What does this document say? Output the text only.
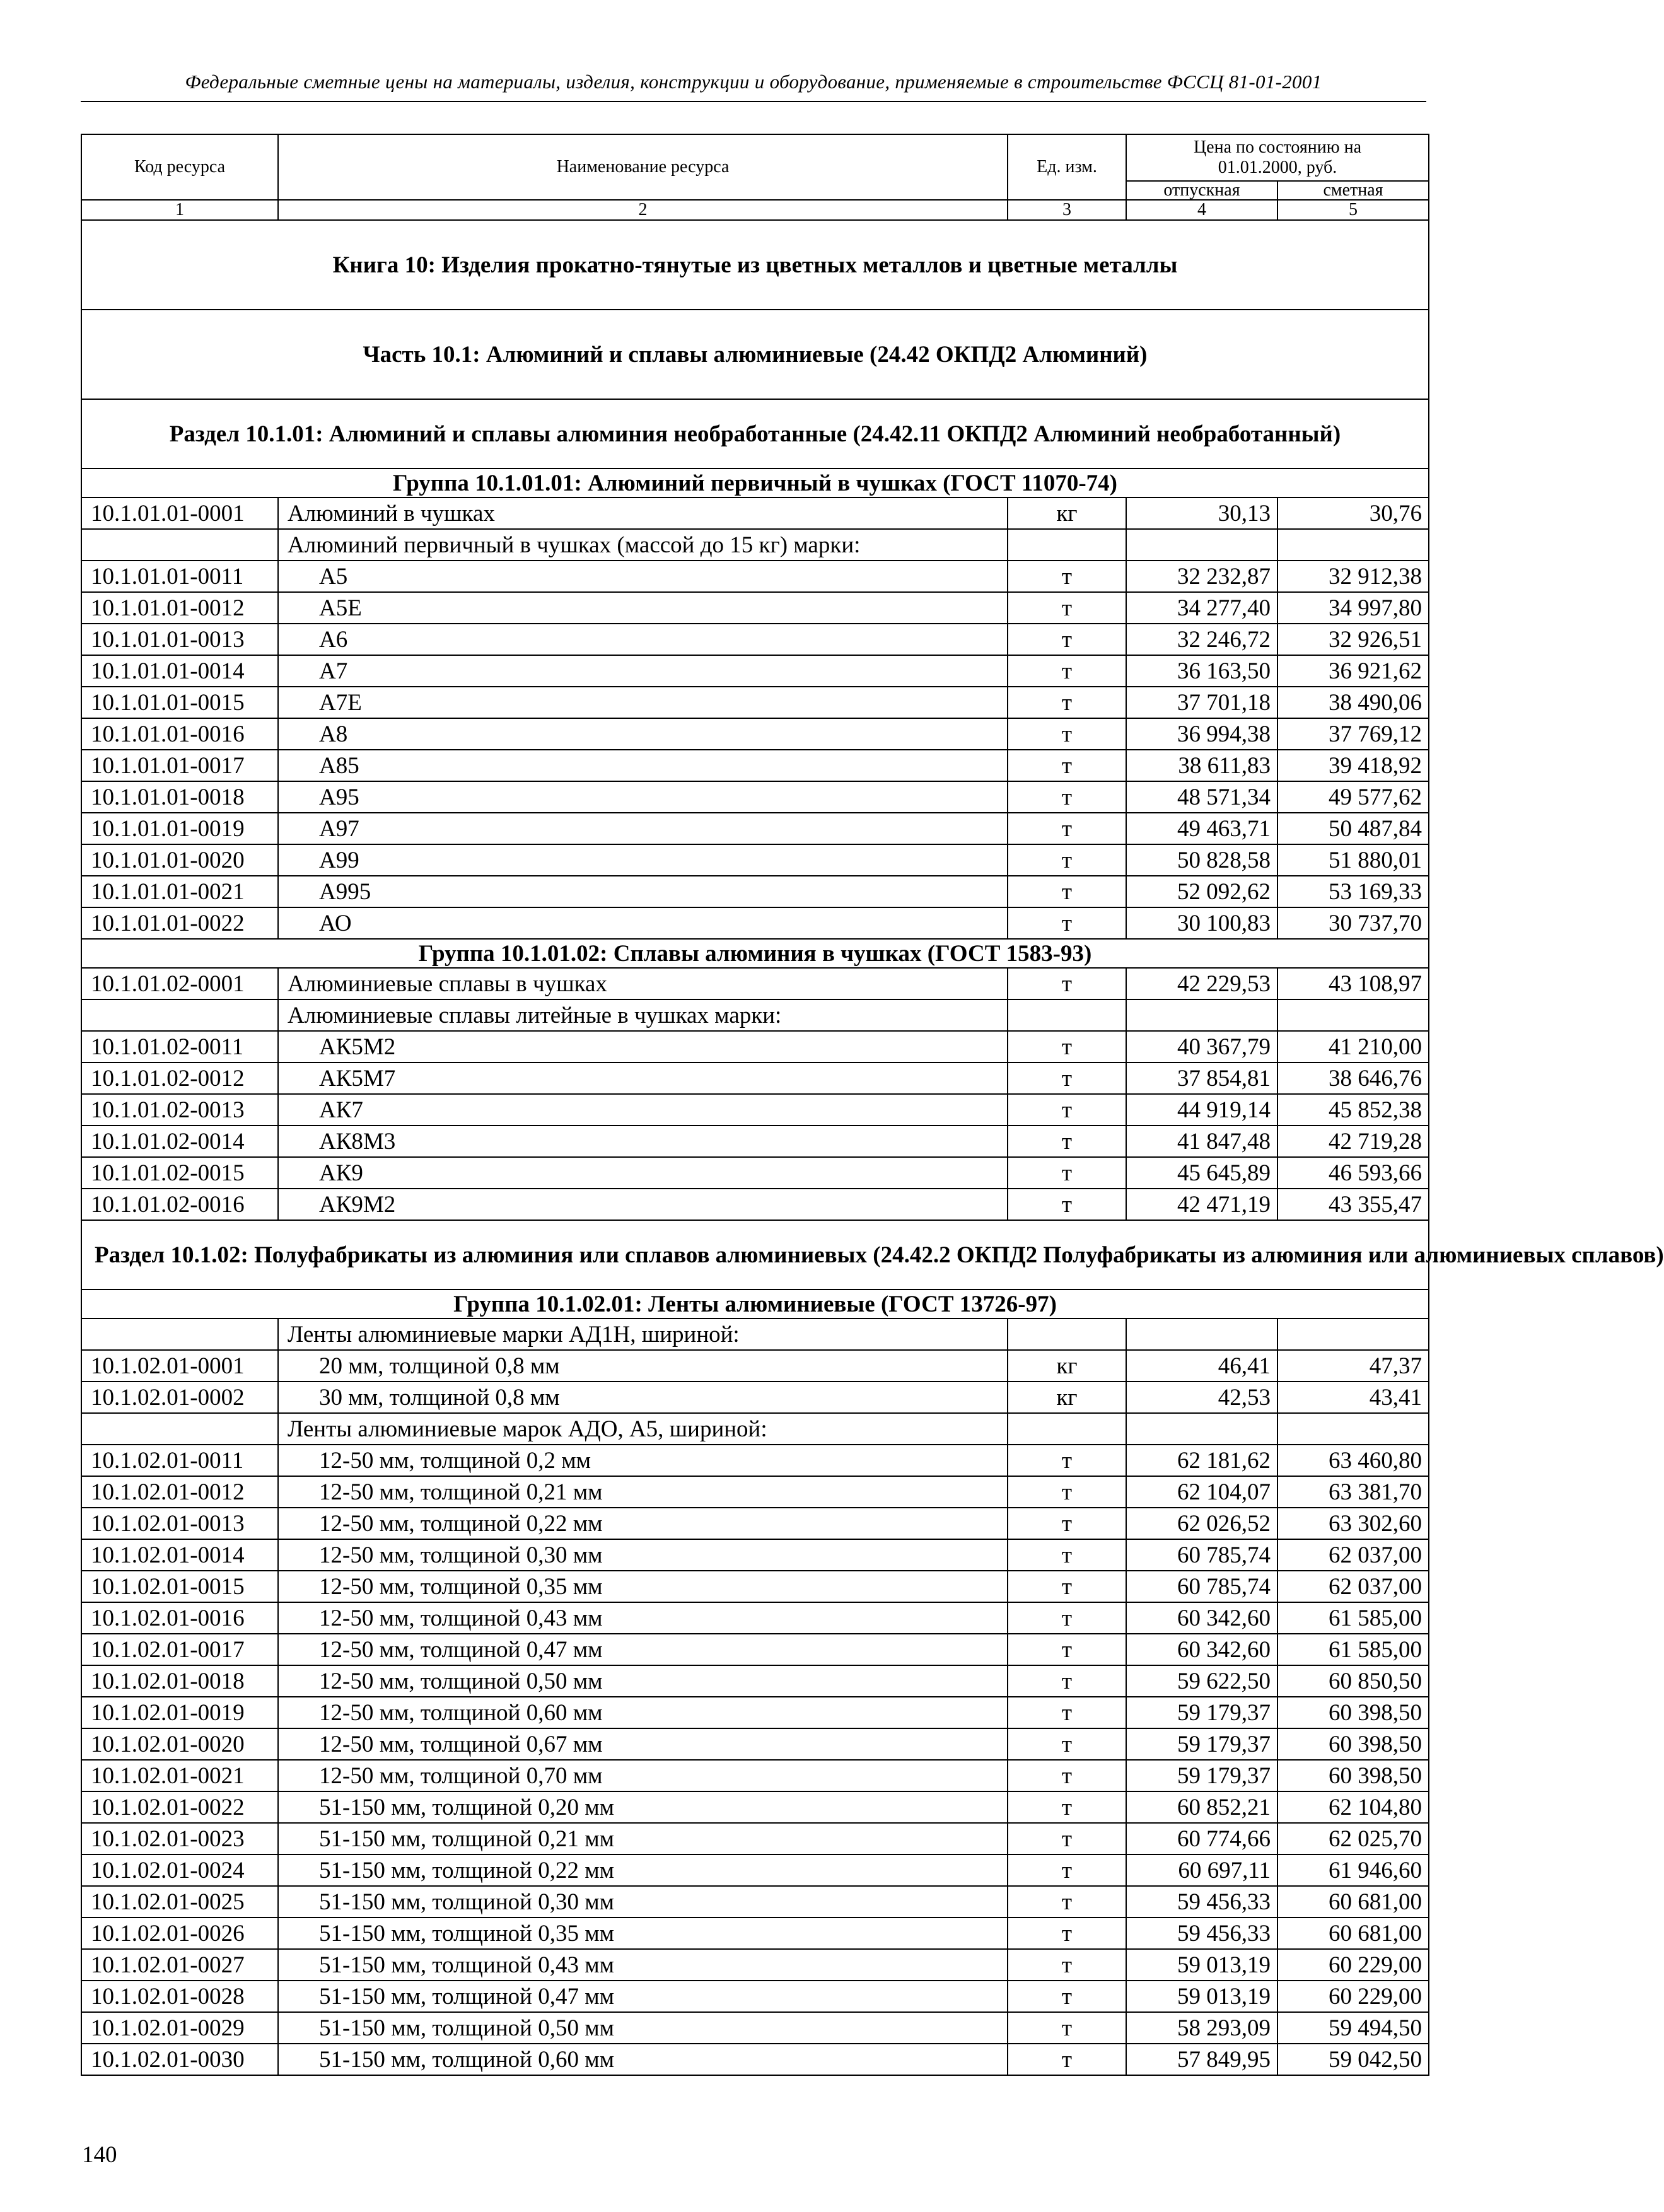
Федеральные сметные цены на материалы, изделия, конструкции и оборудование, применяемые в строительстве ФССЦ 81-01-2001
Код ресурса	Наименование ресурса	Ед. изм.	Цена по состоянию на 01.01.2000, руб.	
			отпускная	сметная
1	2	3	4	5
Книга 10: Изделия прокатно-тянутые из цветных металлов и цветные металлы				
Часть 10.1: Алюминий и сплавы алюминиевые (24.42 ОКПД2 Алюминий)				
Раздел 10.1.01: Алюминий и сплавы алюминия необработанные (24.42.11 ОКПД2 Алюминий необработанный)				
Группа 10.1.01.01: Алюминий первичный в чушках (ГОСТ 11070-74)				
10.1.01.01-0001	Алюминий в чушках	кг	30,13	30,76
	Алюминий первичный в чушках (массой до 15 кг) марки:			
10.1.01.01-0011	А5	т	32 232,87	32 912,38
10.1.01.01-0012	А5Е	т	34 277,40	34 997,80
10.1.01.01-0013	А6	т	32 246,72	32 926,51
10.1.01.01-0014	А7	т	36 163,50	36 921,62
10.1.01.01-0015	А7Е	т	37 701,18	38 490,06
10.1.01.01-0016	А8	т	36 994,38	37 769,12
10.1.01.01-0017	А85	т	38 611,83	39 418,92
10.1.01.01-0018	А95	т	48 571,34	49 577,62
10.1.01.01-0019	А97	т	49 463,71	50 487,84
10.1.01.01-0020	А99	т	50 828,58	51 880,01
10.1.01.01-0021	А995	т	52 092,62	53 169,33
10.1.01.01-0022	АО	т	30 100,83	30 737,70
Группа 10.1.01.02: Сплавы алюминия в чушках (ГОСТ 1583-93)				
10.1.01.02-0001	Алюминиевые сплавы в чушках	т	42 229,53	43 108,97
	Алюминиевые сплавы литейные в чушках марки:			
10.1.01.02-0011	АК5М2	т	40 367,79	41 210,00
10.1.01.02-0012	АК5М7	т	37 854,81	38 646,76
10.1.01.02-0013	АК7	т	44 919,14	45 852,38
10.1.01.02-0014	АК8М3	т	41 847,48	42 719,28
10.1.01.02-0015	АК9	т	45 645,89	46 593,66
10.1.01.02-0016	АК9М2	т	42 471,19	43 355,47
Раздел 10.1.02: Полуфабрикаты из алюминия или сплавов алюминиевых (24.42.2 ОКПД2 Полуфабрикаты из алюминия или алюминиевых сплавов)				
Группа 10.1.02.01: Ленты алюминиевые (ГОСТ 13726-97)				
	Ленты алюминиевые марки АД1Н, шириной:			
10.1.02.01-0001	20 мм, толщиной 0,8 мм	кг	46,41	47,37
10.1.02.01-0002	30 мм, толщиной 0,8 мм	кг	42,53	43,41
	Ленты алюминиевые марок АДО, А5, шириной:			
10.1.02.01-0011	12-50 мм, толщиной 0,2 мм	т	62 181,62	63 460,80
10.1.02.01-0012	12-50 мм, толщиной 0,21 мм	т	62 104,07	63 381,70
10.1.02.01-0013	12-50 мм, толщиной 0,22 мм	т	62 026,52	63 302,60
10.1.02.01-0014	12-50 мм, толщиной 0,30 мм	т	60 785,74	62 037,00
10.1.02.01-0015	12-50 мм, толщиной 0,35 мм	т	60 785,74	62 037,00
10.1.02.01-0016	12-50 мм, толщиной 0,43 мм	т	60 342,60	61 585,00
10.1.02.01-0017	12-50 мм, толщиной 0,47 мм	т	60 342,60	61 585,00
10.1.02.01-0018	12-50 мм, толщиной 0,50 мм	т	59 622,50	60 850,50
10.1.02.01-0019	12-50 мм, толщиной 0,60 мм	т	59 179,37	60 398,50
10.1.02.01-0020	12-50 мм, толщиной 0,67 мм	т	59 179,37	60 398,50
10.1.02.01-0021	12-50 мм, толщиной 0,70 мм	т	59 179,37	60 398,50
10.1.02.01-0022	51-150 мм, толщиной 0,20 мм	т	60 852,21	62 104,80
10.1.02.01-0023	51-150 мм, толщиной 0,21 мм	т	60 774,66	62 025,70
10.1.02.01-0024	51-150 мм, толщиной 0,22 мм	т	60 697,11	61 946,60
10.1.02.01-0025	51-150 мм, толщиной 0,30 мм	т	59 456,33	60 681,00
10.1.02.01-0026	51-150 мм, толщиной 0,35 мм	т	59 456,33	60 681,00
10.1.02.01-0027	51-150 мм, толщиной 0,43 мм	т	59 013,19	60 229,00
10.1.02.01-0028	51-150 мм, толщиной 0,47 мм	т	59 013,19	60 229,00
10.1.02.01-0029	51-150 мм, толщиной 0,50 мм	т	58 293,09	59 494,50
10.1.02.01-0030	51-150 мм, толщиной 0,60 мм	т	57 849,95	59 042,50
140
